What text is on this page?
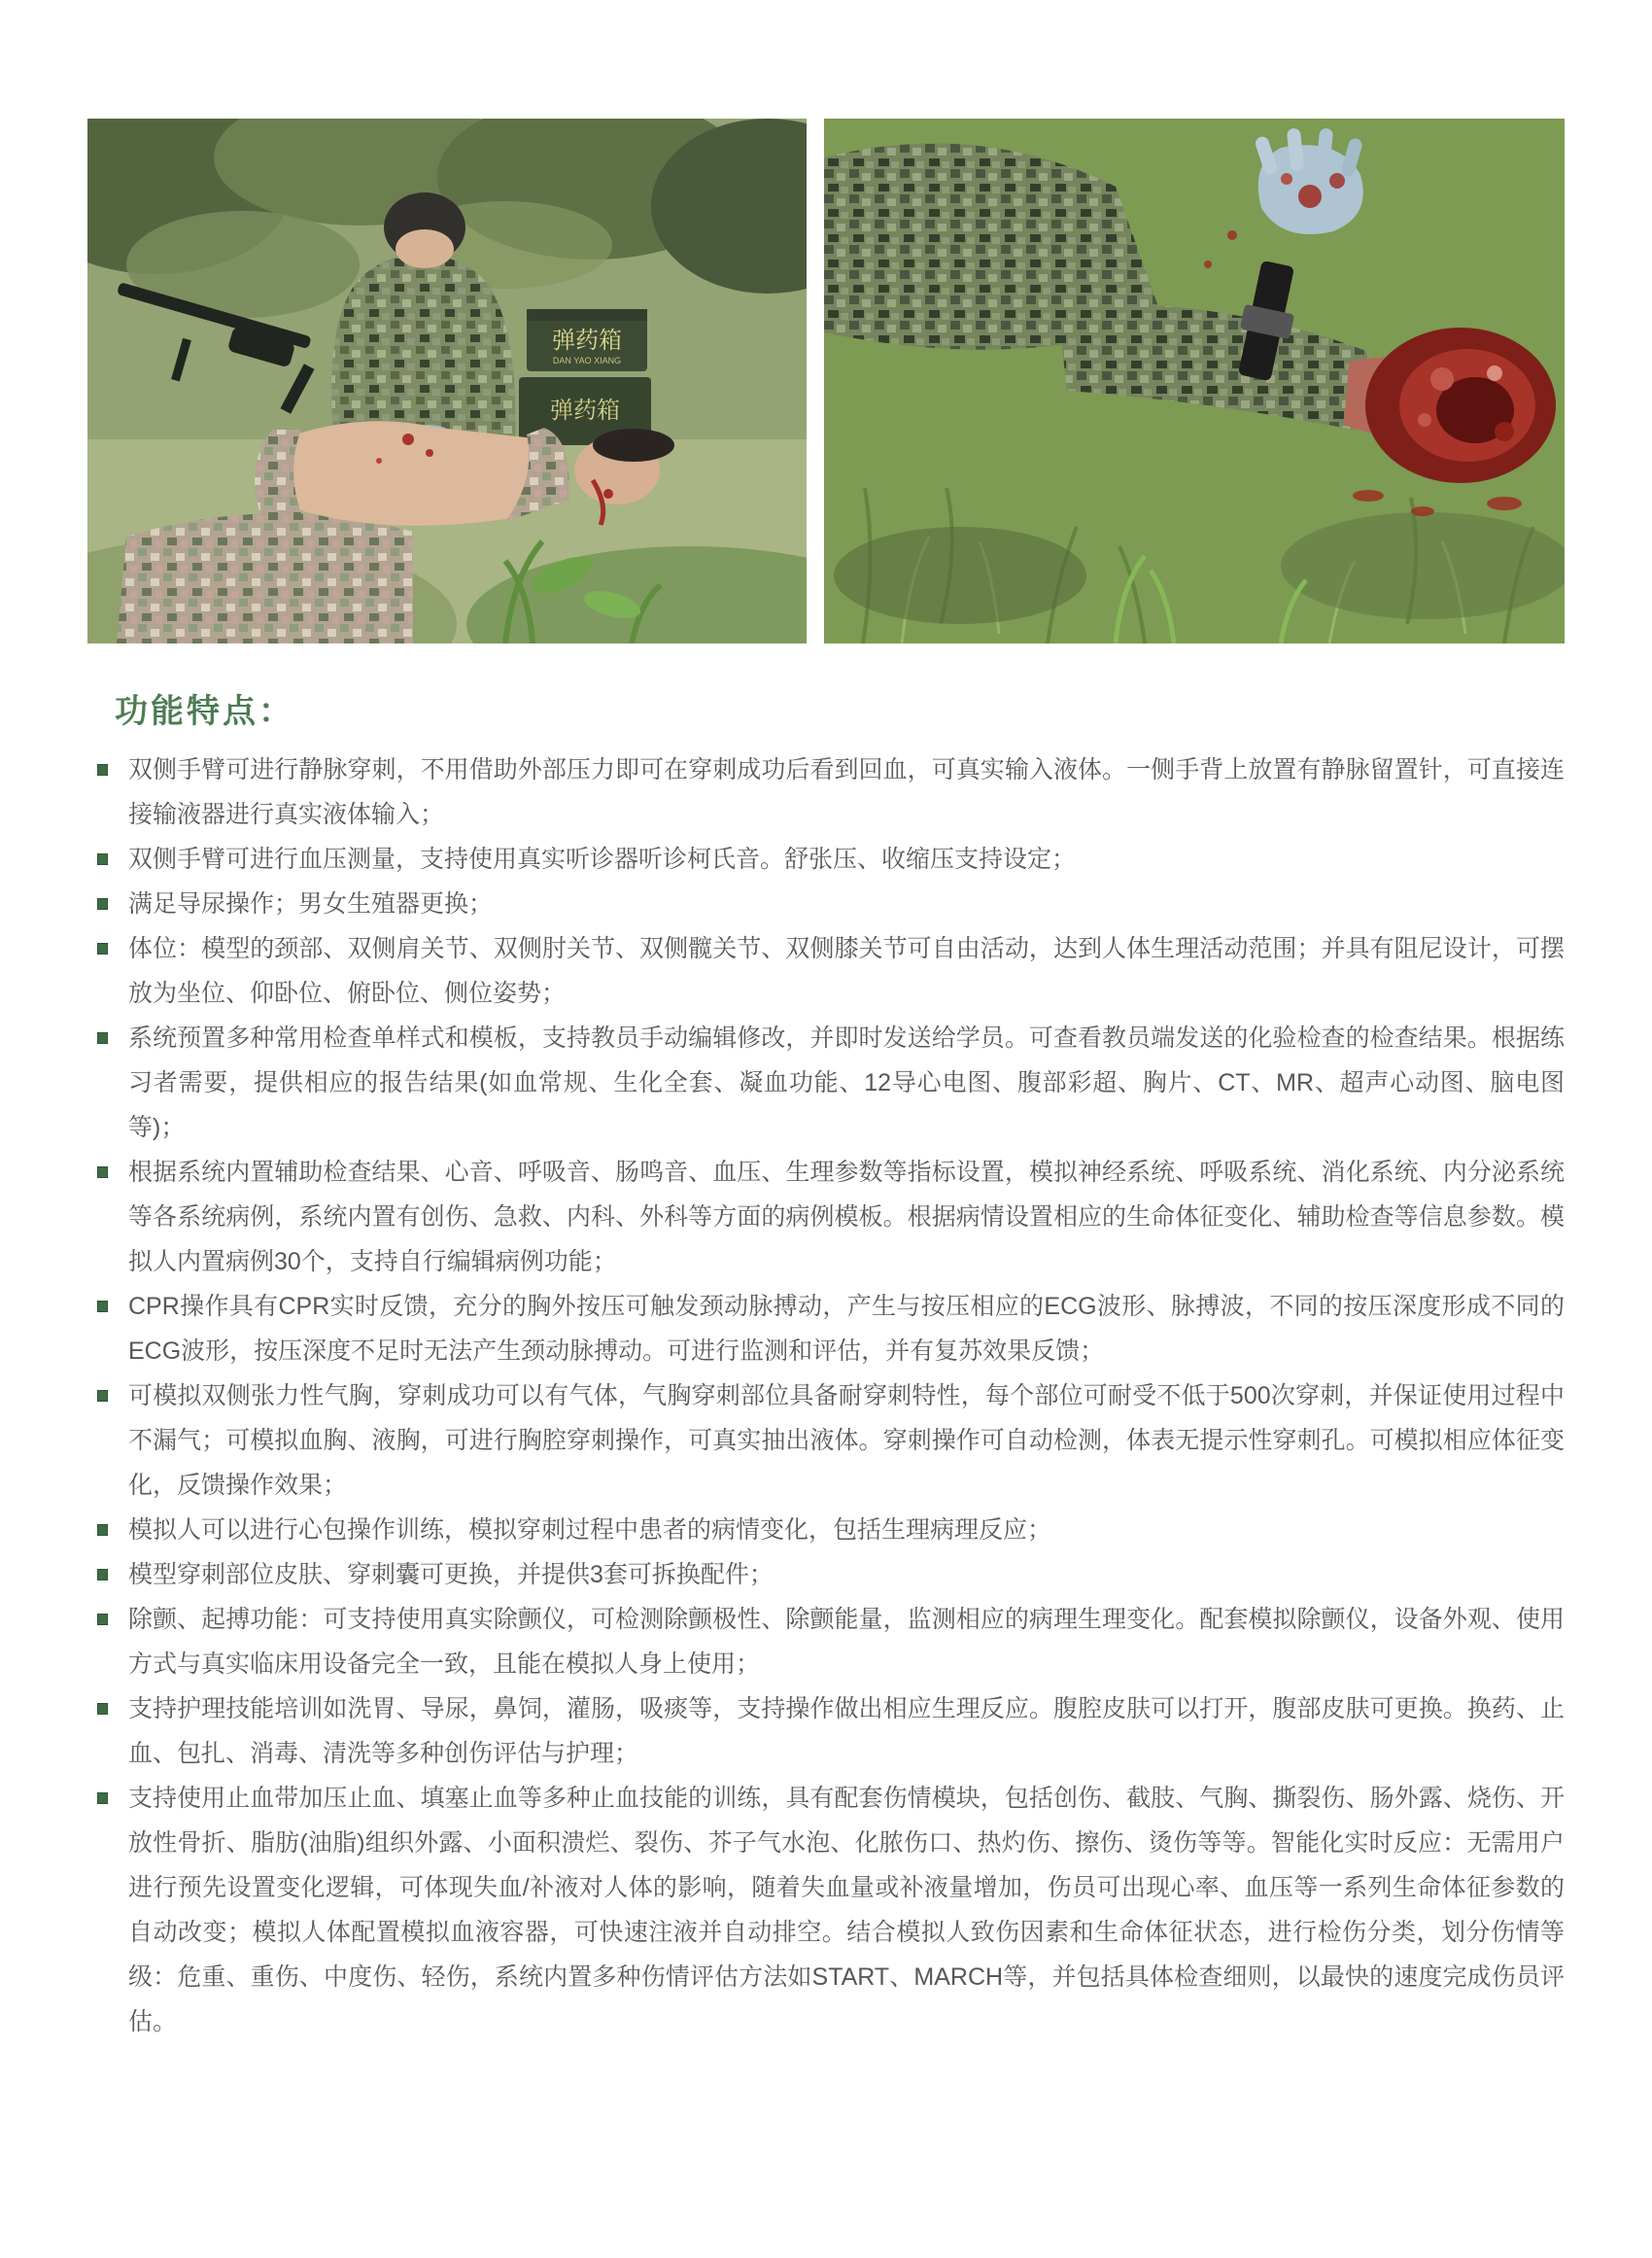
弹药箱
DAN YAO XIANG
弹药箱
功能特点：
双侧手臂可进行静脉穿刺，不用借助外部压力即可在穿刺成功后看到回血，可真实输入液体。一侧手背上放置有静脉留置针，可直接连接输液器进行真实液体输入；
双侧手臂可进行血压测量，支持使用真实听诊器听诊柯氏音。舒张压、收缩压支持设定；
满足导尿操作；男女生殖器更换；
体位：模型的颈部、双侧肩关节、双侧肘关节、双侧髋关节、双侧膝关节可自由活动，达到人体生理活动范围；并具有阻尼设计，可摆放为坐位、仰卧位、俯卧位、侧位姿势；
系统预置多种常用检查单样式和模板，支持教员手动编辑修改，并即时发送给学员。可查看教员端发送的化验检查的检查结果。根据练习者需要，提供相应的报告结果(如血常规、生化全套、凝血功能、12导心电图、腹部彩超、胸片、CT、MR、超声心动图、脑电图等)；
根据系统内置辅助检查结果、心音、呼吸音、肠鸣音、血压、生理参数等指标设置，模拟神经系统、呼吸系统、消化系统、内分泌系统等各系统病例，系统内置有创伤、急救、内科、外科等方面的病例模板。根据病情设置相应的生命体征变化、辅助检查等信息参数。模拟人内置病例30个，支持自行编辑病例功能；
CPR操作具有CPR实时反馈，充分的胸外按压可触发颈动脉搏动，产生与按压相应的ECG波形、脉搏波，不同的按压深度形成不同的ECG波形，按压深度不足时无法产生颈动脉搏动。可进行监测和评估，并有复苏效果反馈；
可模拟双侧张力性气胸，穿刺成功可以有气体，气胸穿刺部位具备耐穿刺特性，每个部位可耐受不低于500次穿刺，并保证使用过程中不漏气；可模拟血胸、液胸，可进行胸腔穿刺操作，可真实抽出液体。穿刺操作可自动检测，体表无提示性穿刺孔。可模拟相应体征变化，反馈操作效果；
模拟人可以进行心包操作训练，模拟穿刺过程中患者的病情变化，包括生理病理反应；
模型穿刺部位皮肤、穿刺囊可更换，并提供3套可拆换配件；
除颤、起搏功能：可支持使用真实除颤仪，可检测除颤极性、除颤能量，监测相应的病理生理变化。配套模拟除颤仪，设备外观、使用方式与真实临床用设备完全一致，且能在模拟人身上使用；
支持护理技能培训如洗胃、导尿，鼻饲，灌肠，吸痰等，支持操作做出相应生理反应。腹腔皮肤可以打开，腹部皮肤可更换。换药、止血、包扎、消毒、清洗等多种创伤评估与护理；
支持使用止血带加压止血、填塞止血等多种止血技能的训练，具有配套伤情模块，包括创伤、截肢、气胸、撕裂伤、肠外露、烧伤、开放性骨折、脂肪(油脂)组织外露、小面积溃烂、裂伤、芥子气水泡、化脓伤口、热灼伤、擦伤、烫伤等等。智能化实时反应：无需用户进行预先设置变化逻辑，可体现失血/补液对人体的影响，随着失血量或补液量增加，伤员可出现心率、血压等一系列生命体征参数的自动改变；模拟人体配置模拟血液容器，可快速注液并自动排空。结合模拟人致伤因素和生命体征状态，进行检伤分类，划分伤情等级：危重、重伤、中度伤、轻伤，系统内置多种伤情评估方法如START、MARCH等，并包括具体检查细则，以最快的速度完成伤员评估。
